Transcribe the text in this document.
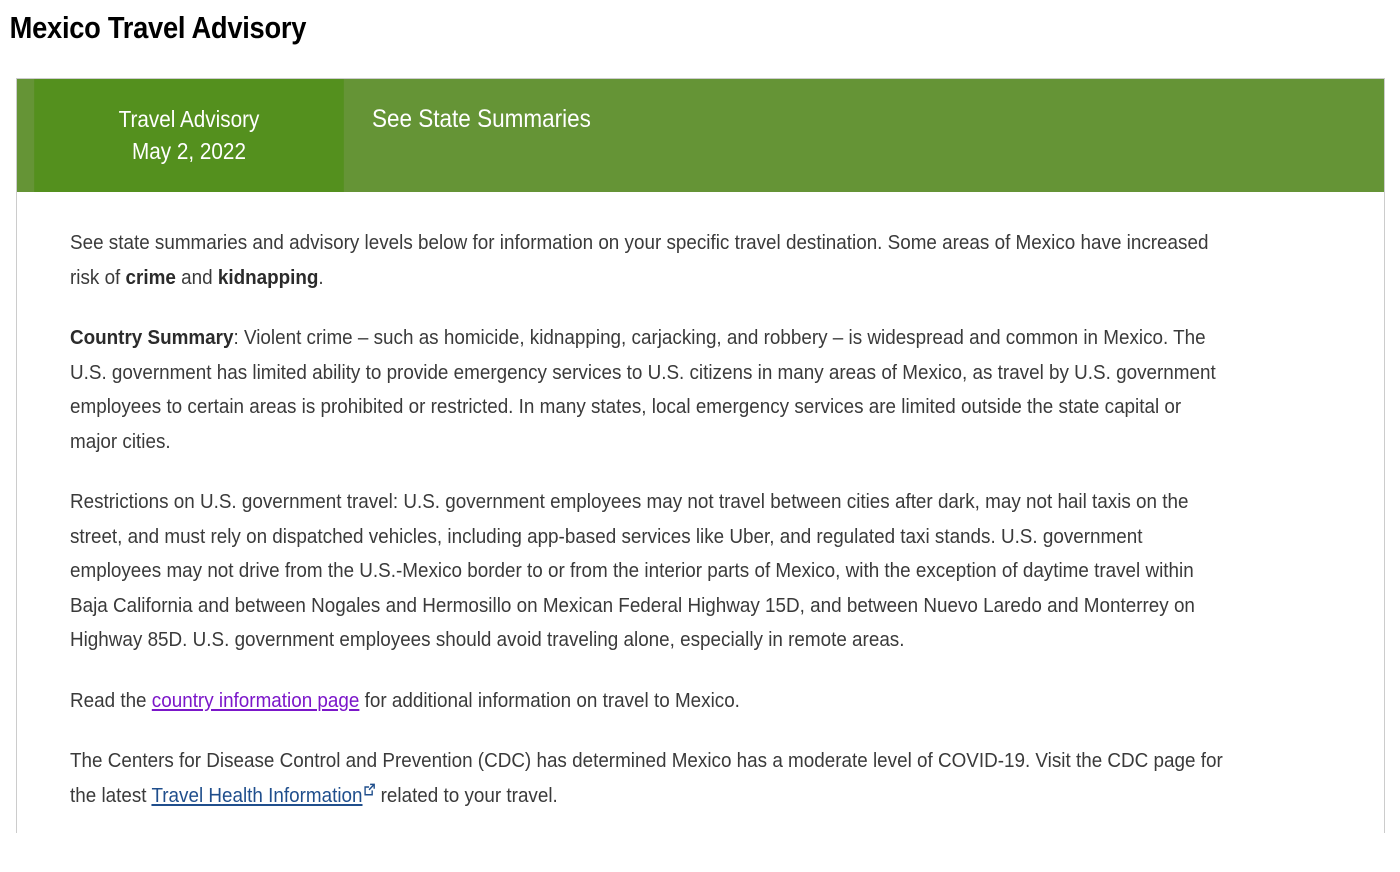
Mexico Travel Advisory
Travel Advisory
May 2, 2022
See State Summaries

See state summaries and advisory levels below for information on your specific travel destination. Some areas of Mexico have increased risk of crime and kidnapping.

Country Summary: Violent crime – such as homicide, kidnapping, carjacking, and robbery – is widespread and common in Mexico. The U.S. government has limited ability to provide emergency services to U.S. citizens in many areas of Mexico, as travel by U.S. government employees to certain areas is prohibited or restricted. In many states, local emergency services are limited outside the state capital or major cities.

Restrictions on U.S. government travel: U.S. government employees may not travel between cities after dark, may not hail taxis on the street, and must rely on dispatched vehicles, including app-based services like Uber, and regulated taxi stands. U.S. government employees may not drive from the U.S.-Mexico border to or from the interior parts of Mexico, with the exception of daytime travel within Baja California and between Nogales and Hermosillo on Mexican Federal Highway 15D, and between Nuevo Laredo and Monterrey on Highway 85D. U.S. government employees should avoid traveling alone, especially in remote areas.

Read the country information page for additional information on travel to Mexico.

The Centers for Disease Control and Prevention (CDC) has determined Mexico has a moderate level of COVID-19. Visit the CDC page for the latest Travel Health Information
related to your travel.
